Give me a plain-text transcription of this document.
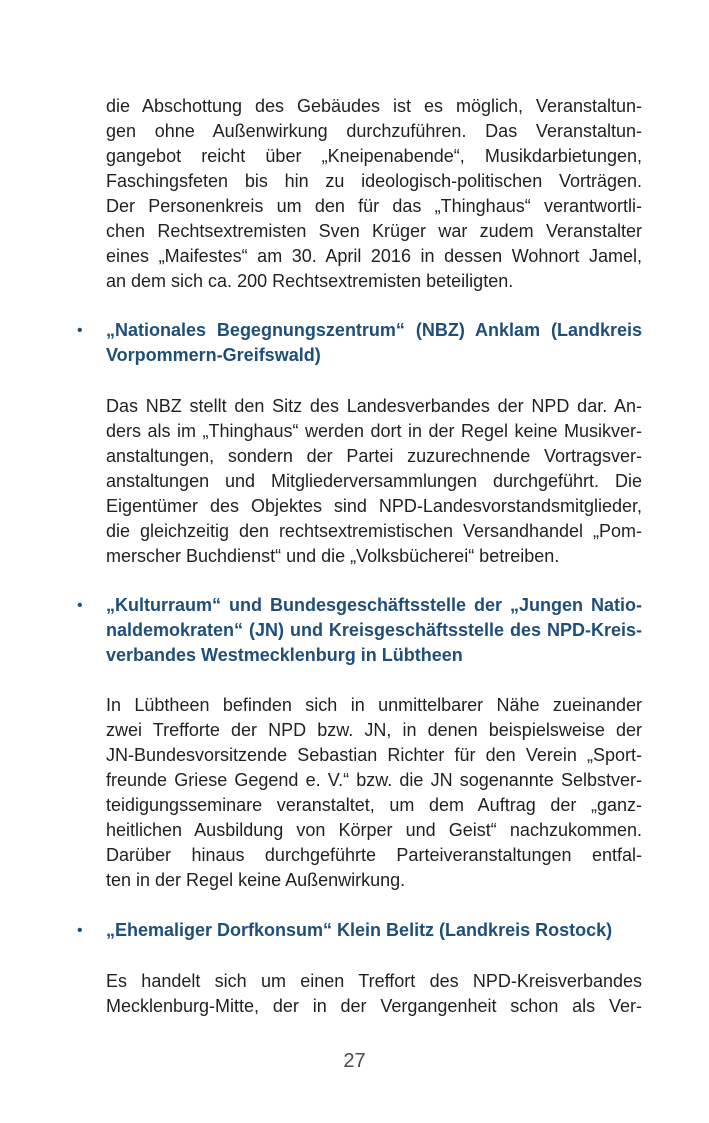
die Abschottung des Gebäudes ist es möglich, Veranstaltun-
gen ohne Außenwirkung durchzuführen. Das Veranstaltun-
gangebot reicht über „Kneipenabende“, Musikdarbietungen,
Faschingsfeten bis hin zu ideologisch-politischen Vorträgen.
Der Personenkreis um den für das „Thinghaus“ verantwortli-
chen Rechtsextremisten Sven Krüger war zudem Veranstalter
eines „Maifestes“ am 30. April 2016 in dessen Wohnort Jamel,
an dem sich ca. 200 Rechtsextremisten beteiligten.
• „Nationales Begegnungszentrum“ (NBZ) Anklam (Landkreis
Vorpommern-Greifswald)
Das NBZ stellt den Sitz des Landesverbandes der NPD dar. An-
ders als im „Thinghaus“ werden dort in der Regel keine Musikver-
anstaltungen, sondern der Partei zuzurechnende Vortragsver-
anstaltungen und Mitgliederversammlungen durchgeführt. Die
Eigentümer des Objektes sind NPD-Landesvorstandsmitglieder,
die gleichzeitig den rechtsextremistischen Versandhandel „Pom-
merscher Buchdienst“ und die „Volksbücherei“ betreiben.
• „Kulturraum“ und Bundesgeschäftsstelle der „Jungen Natio-
naldemokraten“ (JN) und Kreisgeschäftsstelle des NPD-Kreis-
verbandes Westmecklenburg in Lübtheen
In Lübtheen befinden sich in unmittelbarer Nähe zueinander
zwei Trefforte der NPD bzw. JN, in denen beispielsweise der
JN-Bundesvorsitzende Sebastian Richter für den Verein „Sport-
freunde Griese Gegend e. V.“ bzw. die JN sogenannte Selbstver-
teidigungsseminare veranstaltet, um dem Auftrag der „ganz-
heitlichen Ausbildung von Körper und Geist“ nachzukommen.
Darüber hinaus durchgeführte Parteiveranstaltungen entfal-
ten in der Regel keine Außenwirkung.
• „Ehemaliger Dorfkonsum“ Klein Belitz (Landkreis Rostock)
Es handelt sich um einen Treffort des NPD-Kreisverbandes
Mecklenburg-Mitte, der in der Vergangenheit schon als Ver-
27
